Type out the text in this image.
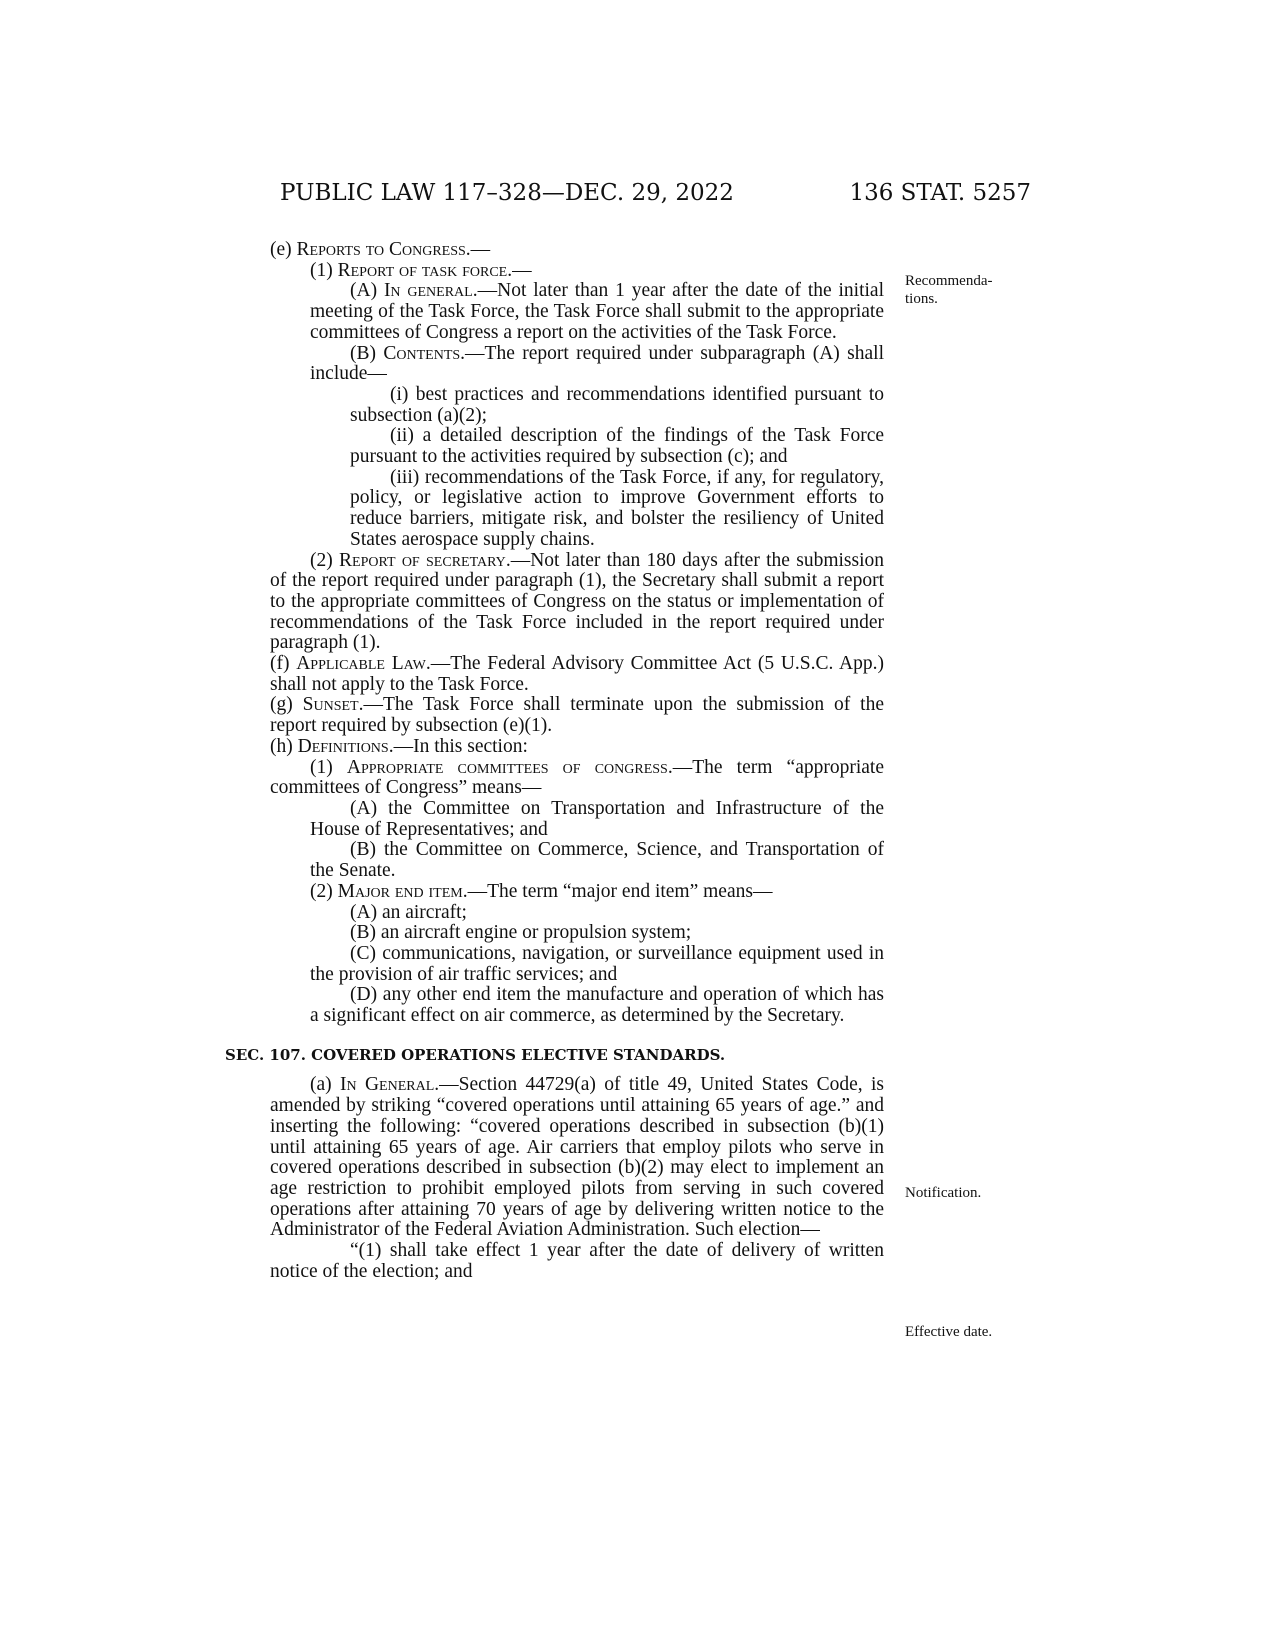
PUBLIC LAW 117–328—DEC. 29, 2022	136 STAT. 5257
Recommenda-
tions.
Notification.
Effective date.

(e) Reports to Congress.—

(1) Report of task force.—

(A) In general.—Not later than 1 year after the date of the initial meeting of the Task Force, the Task Force shall submit to the appropriate committees of Congress a report on the activities of the Task Force.

(B) Contents.—The report required under subparagraph (A) shall include—

(i) best practices and recommendations identified pursuant to subsection (a)(2);

(ii) a detailed description of the findings of the Task Force pursuant to the activities required by subsection (c); and

(iii) recommendations of the Task Force, if any, for regulatory, policy, or legislative action to improve Government efforts to reduce barriers, mitigate risk, and bolster the resiliency of United States aerospace supply chains.

(2) Report of secretary.—Not later than 180 days after the submission of the report required under paragraph (1), the Secretary shall submit a report to the appropriate committees of Congress on the status or implementation of recommendations of the Task Force included in the report required under paragraph (1).

(f) Applicable Law.—The Federal Advisory Committee Act (5 U.S.C. App.) shall not apply to the Task Force.

(g) Sunset.—The Task Force shall terminate upon the submission of the report required by subsection (e)(1).

(h) Definitions.—In this section:

(1) Appropriate committees of congress.—The term “appropriate committees of Congress” means—

(A) the Committee on Transportation and Infrastructure of the House of Representatives; and

(B) the Committee on Commerce, Science, and Transportation of the Senate.

(2) Major end item.—The term “major end item” means—

(A) an aircraft;

(B) an aircraft engine or propulsion system;

(C) communications, navigation, or surveillance equipment used in the provision of air traffic services; and

(D) any other end item the manufacture and operation of which has a significant effect on air commerce, as determined by the Secretary.

SEC. 107. COVERED OPERATIONS ELECTIVE STANDARDS.

(a) In General.—Section 44729(a) of title 49, United States Code, is amended by striking “covered operations until attaining 65 years of age.” and inserting the following: “covered operations described in subsection (b)(1) until attaining 65 years of age. Air carriers that employ pilots who serve in covered operations described in subsection (b)(2) may elect to implement an age restriction to prohibit employed pilots from serving in such covered operations after attaining 70 years of age by delivering written notice to the Administrator of the Federal Aviation Administration. Such election—

“(1) shall take effect 1 year after the date of delivery of written notice of the election; and
